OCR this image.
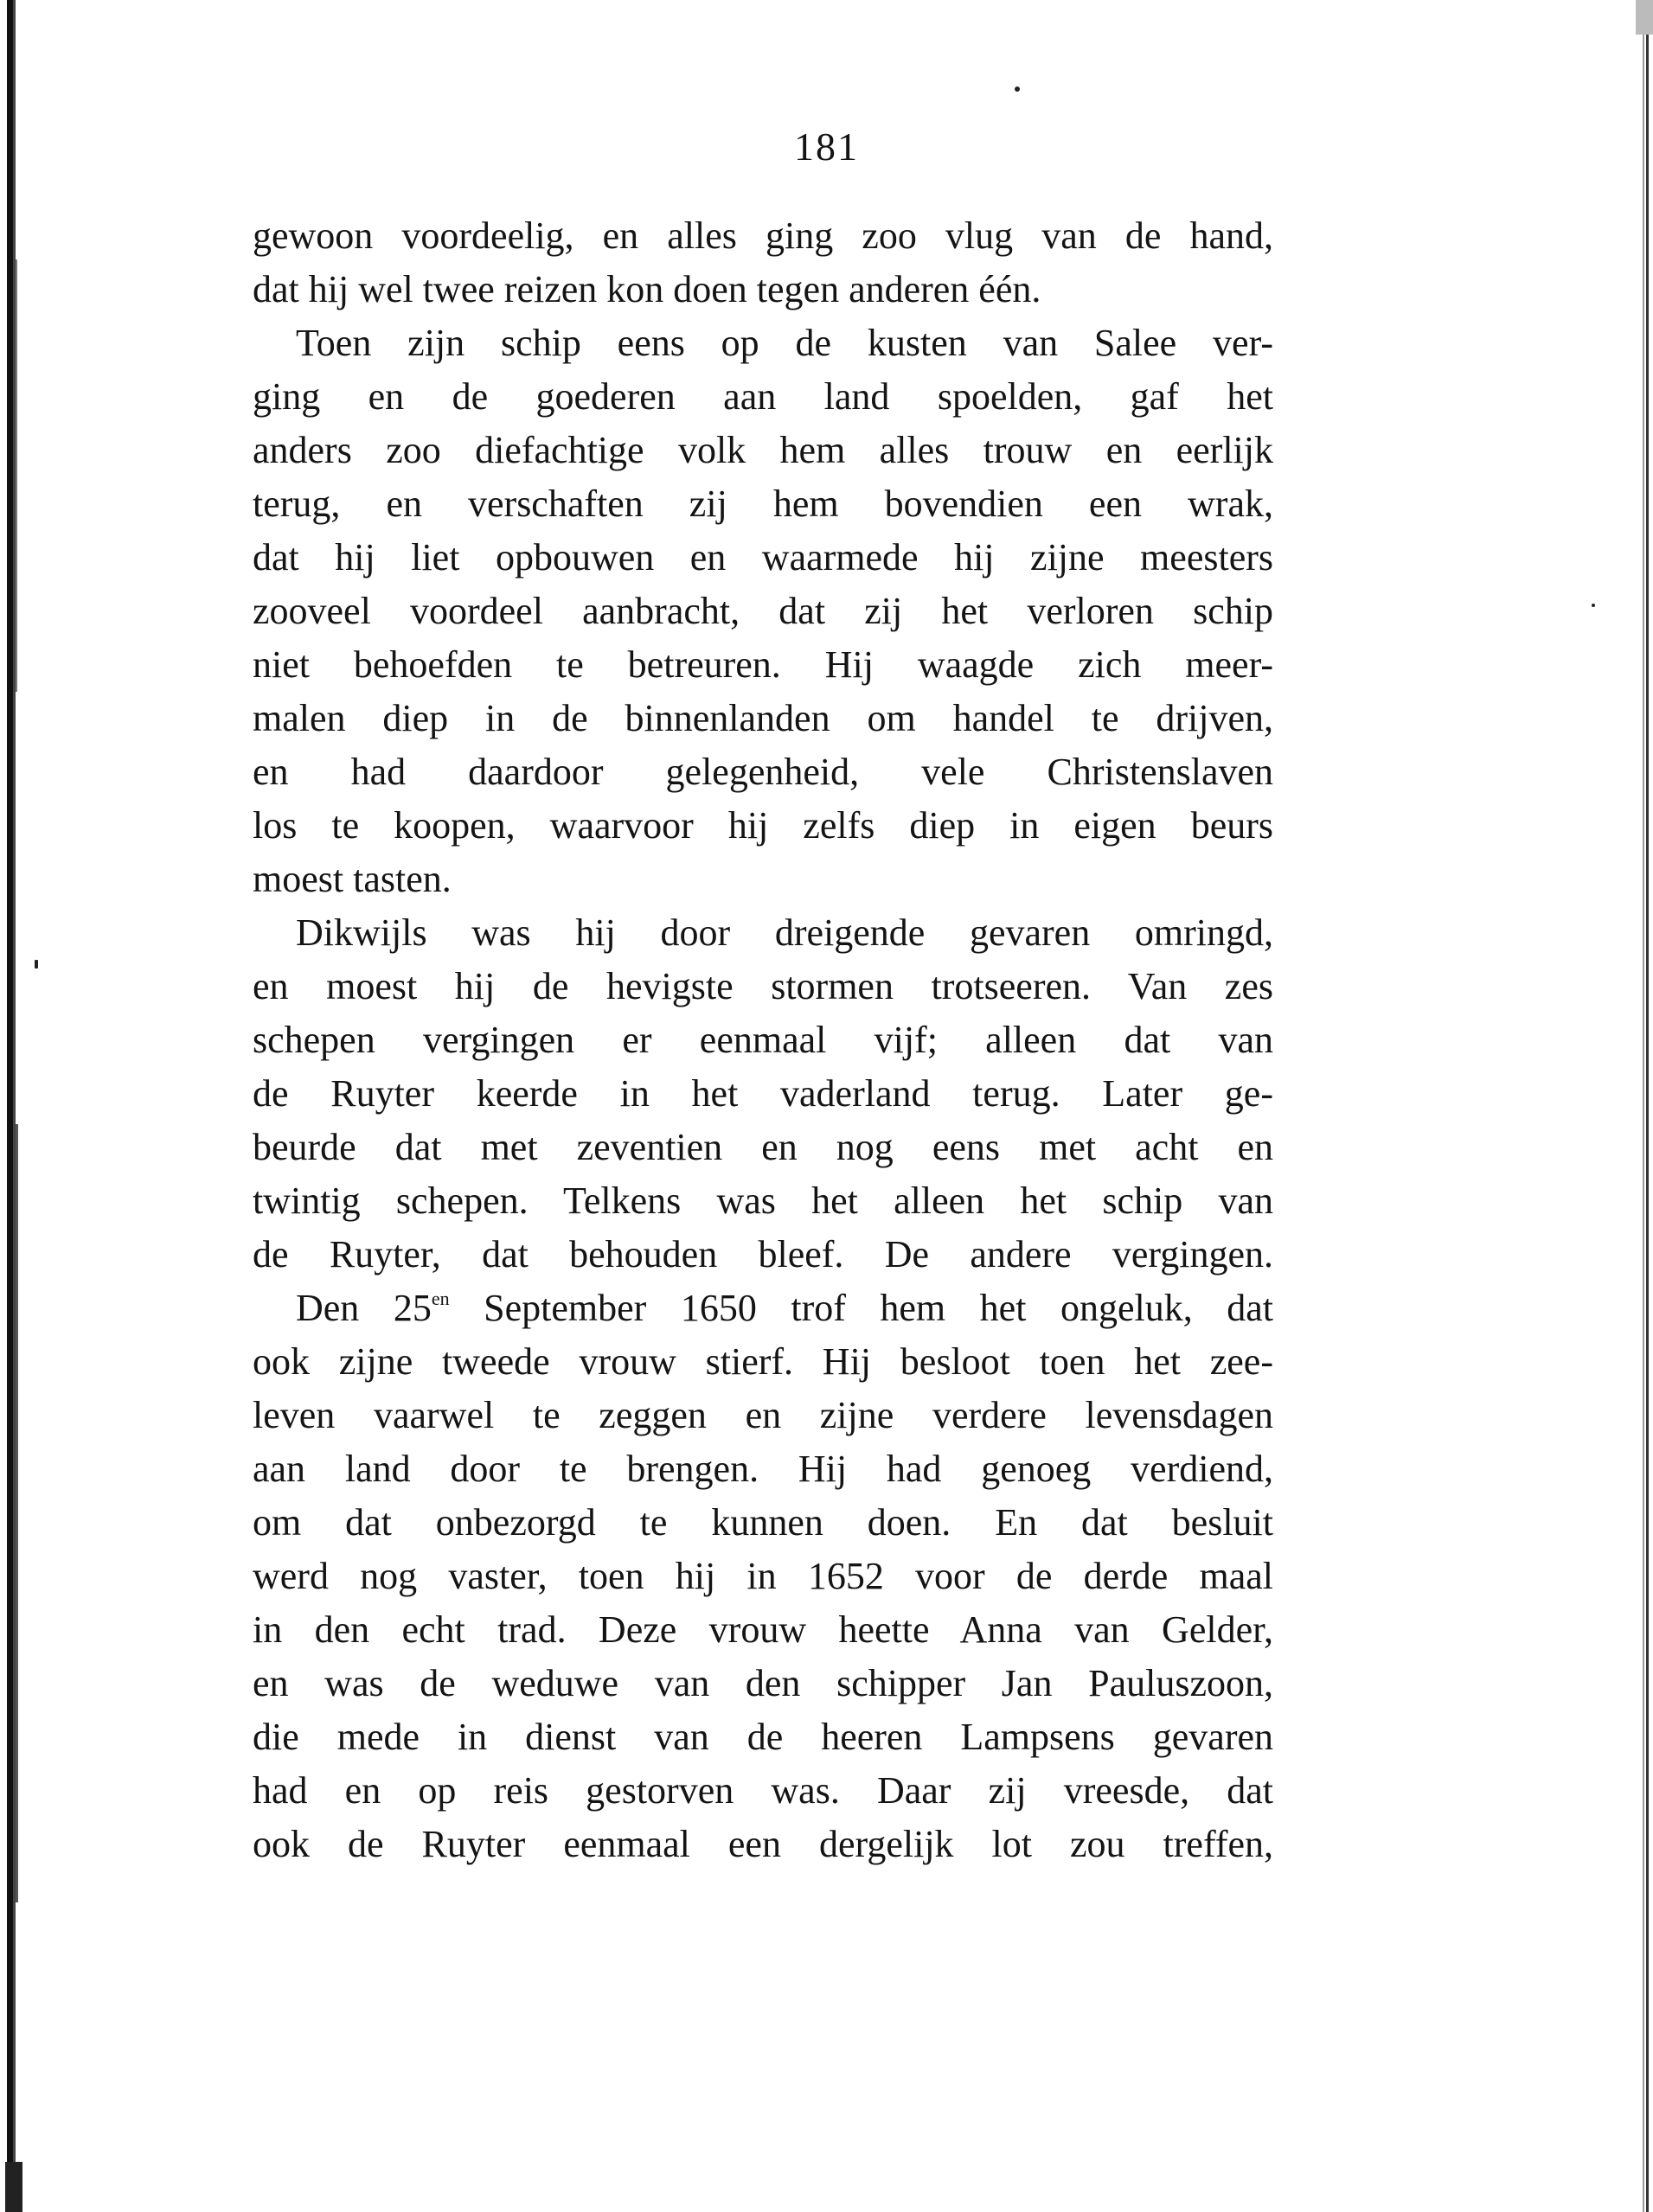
181
gewoon voordeelig, en alles ging zoo vlug van de hand,
dat hij wel twee reizen kon doen tegen anderen één.
Toen zijn schip eens op de kusten van Salee ver-
ging en de goederen aan land spoelden, gaf het
anders zoo diefachtige volk hem alles trouw en eerlijk
terug, en verschaften zij hem bovendien een wrak,
dat hij liet opbouwen en waarmede hij zijne meesters
zooveel voordeel aanbracht, dat zij het verloren schip
niet behoefden te betreuren. Hij waagde zich meer-
malen diep in de binnenlanden om handel te drijven,
en had daardoor gelegenheid, vele Christenslaven
los te koopen, waarvoor hij zelfs diep in eigen beurs
moest tasten.
Dikwijls was hij door dreigende gevaren omringd,
en moest hij de hevigste stormen trotseeren. Van zes
schepen vergingen er eenmaal vijf; alleen dat van
de Ruyter keerde in het vaderland terug. Later ge-
beurde dat met zeventien en nog eens met acht en
twintig schepen. Telkens was het alleen het schip van
de Ruyter, dat behouden bleef. De andere vergingen.
Den $25^{en}$ September 1650 trof hem het ongeluk, dat
ook zijne tweede vrouw stierf. Hij besloot toen het zee-
leven vaarwel te zeggen en zijne verdere levensdagen
aan land door te brengen. Hij had genoeg verdiend,
om dat onbezorgd te kunnen doen. En dat besluit
werd nog vaster, toen hij in 1652 voor de derde maal
in den echt trad. Deze vrouw heette Anna van Gelder,
en was de weduwe van den schipper Jan Pauluszoon,
die mede in dienst van de heeren Lampsens gevaren
had en op reis gestorven was. Daar zij vreesde, dat
ook de Ruyter eenmaal een dergelijk lot zou treffen,
